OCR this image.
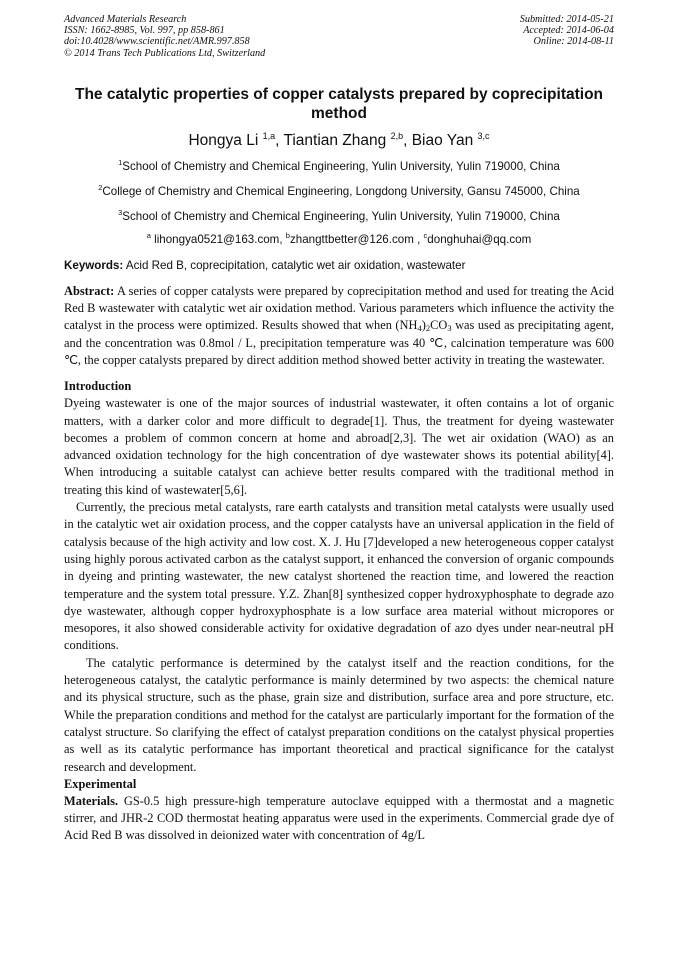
Advanced Materials Research
ISSN: 1662-8985, Vol. 997, pp 858-861
doi:10.4028/www.scientific.net/AMR.997.858
© 2014 Trans Tech Publications Ltd, Switzerland
Submitted: 2014-05-21
Accepted: 2014-06-04
Online: 2014-08-11
The catalytic properties of copper catalysts prepared by coprecipitation method
Hongya Li $^{1,a}$, Tiantian Zhang $^{2,b}$, Biao Yan $^{3,c}$
$^1$School of Chemistry and Chemical Engineering, Yulin University, Yulin 719000, China
$^2$College of Chemistry and Chemical Engineering, Longdong University, Gansu 745000, China
$^3$School of Chemistry and Chemical Engineering, Yulin University, Yulin 719000, China
$^a$ lihongya0521@163.com, $^b$zhangttbetter@126.com , $^c$donghuhai@qq.com
Keywords: Acid Red B, coprecipitation, catalytic wet air oxidation, wastewater
Abstract: A series of copper catalysts were prepared by coprecipitation method and used for treating the Acid Red B wastewater with catalytic wet air oxidation method. Various parameters which influence the activity the catalyst in the process were optimized. Results showed that when $(NH_4)_2CO_3$ was used as precipitating agent, and the concentration was 0.8mol / L, precipitation temperature was 40 ℃, calcination temperature was 600 ℃, the copper catalysts prepared by direct addition method showed better activity in treating the wastewater.
Introduction

Dyeing wastewater is one of the major sources of industrial wastewater, it often contains a lot of organic matters, with a darker color and more difficult to degrade[1]. Thus, the treatment for dyeing wastewater becomes a problem of common concern at home and abroad[2,3]. The wet air oxidation (WAO) as an advanced oxidation technology for the high concentration of dye wastewater shows its potential ability[4]. When introducing a suitable catalyst can achieve better results compared with the traditional method in treating this kind of wastewater[5,6].

Currently, the precious metal catalysts, rare earth catalysts and transition metal catalysts were usually used in the catalytic wet air oxidation process, and the copper catalysts have an universal application in the field of catalysis because of the high activity and low cost. X. J. Hu [7]developed a new heterogeneous copper catalyst using highly porous activated carbon as the catalyst support, it enhanced the conversion of organic compounds in dyeing and printing wastewater, the new catalyst shortened the reaction time, and lowered the reaction temperature and the system total pressure. Y.Z. Zhan[8] synthesized copper hydroxyphosphate to degrade azo dye wastewater, although copper hydroxyphosphate is a low surface area material without micropores or mesopores, it also showed considerable activity for oxidative degradation of azo dyes under near-neutral pH conditions.

The catalytic performance is determined by the catalyst itself and the reaction conditions, for the heterogeneous catalyst, the catalytic performance is mainly determined by two aspects: the chemical nature and its physical structure, such as the phase, grain size and distribution, surface area and pore structure, etc. While the preparation conditions and method for the catalyst are particularly important for the formation of the catalyst structure. So clarifying the effect of catalyst preparation conditions on the catalyst physical properties as well as its catalytic performance has important theoretical and practical significance for the catalyst research and development.

Experimental

Materials. GS-0.5 high pressure-high temperature autoclave equipped with a thermostat and a magnetic stirrer, and JHR-2 COD thermostat heating apparatus were used in the experiments. Commercial grade dye of Acid Red B was dissolved in deionized water with concentration of 4g/L
